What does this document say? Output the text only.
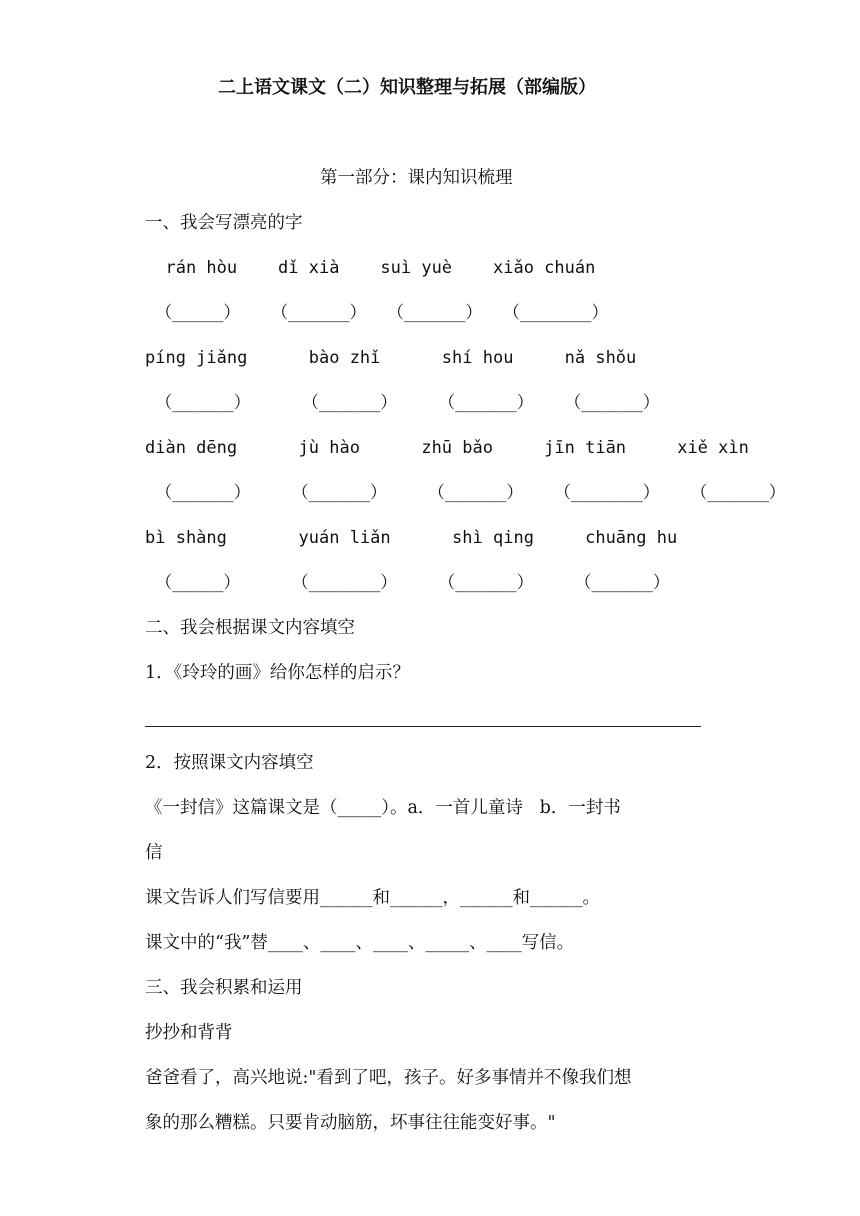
二上语文课文（二）知识整理与拓展（部编版）
第一部分：课内知识梳理
一、我会写漂亮的字
rán hòu    dǐ xià    suì yuè    xiǎo chuán
（_____）   （______）  （______）  （_______）
píng jiǎng      bào zhǐ      shí hou     nǎ shǒu
（______）     （______）    （______）   （______）
diàn dēng      jù hào      zhū bǎo     jīn tiān     xiě xìn
（______）    （______）    （______）   （_______）   （______）
bì shàng       yuán liǎn      shì qing     chuāng hu
（_____）     （_______）    （______）    （______）
二、我会根据课文内容填空
1．《玲玲的画》给你怎样的启示？
2．按照课文内容填空
《一封信》这篇课文是（_____）。a．一首儿童诗   b．一封书
信
课文告诉人们写信要用______和______，______和______。
课文中的“我”替____、____、____、_____、____写信。
三、我会积累和运用
抄抄和背背
爸爸看了，高兴地说:"看到了吧，孩子。好多事情并不像我们想
象的那么糟糕。只要肯动脑筋，坏事往往能变好事。"
